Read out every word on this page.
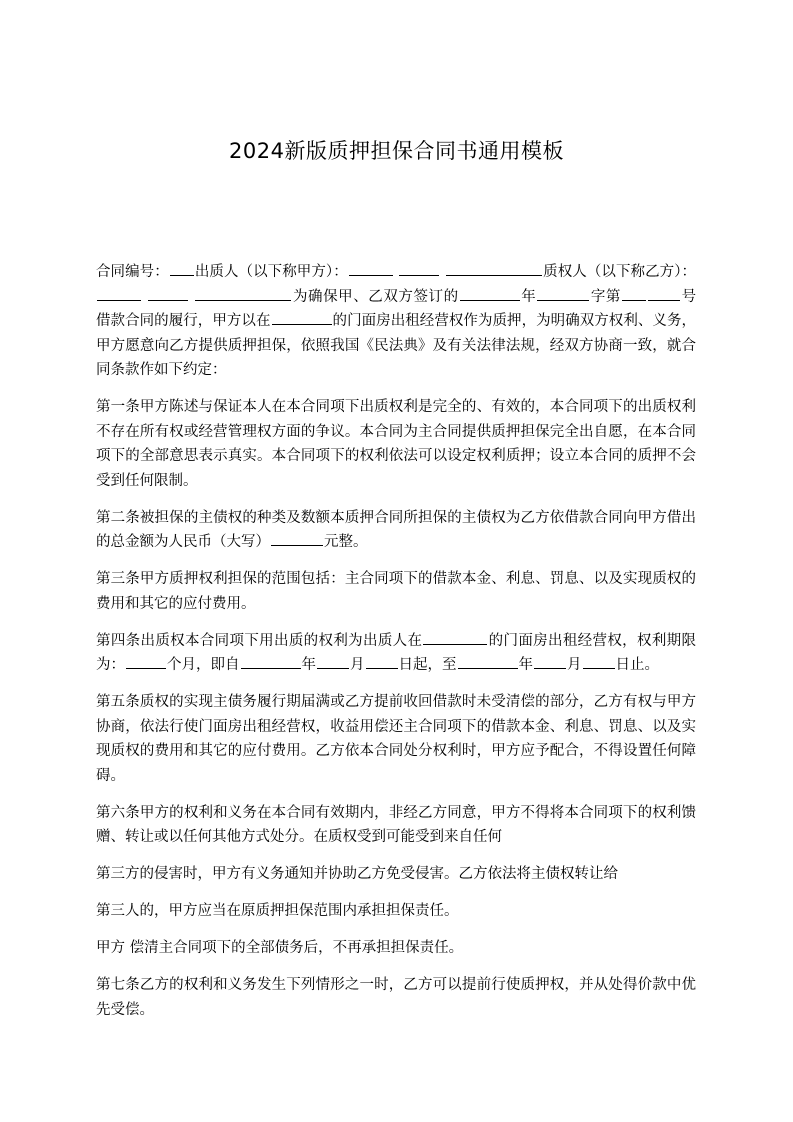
2024新版质押担保合同书通用模板

合同编号： 出质人（以下称甲方）：	质权人（以下称乙方）：  为确保甲、乙双方签订的	年	字第	号借款合同的履行，甲方以在	的门面房出租经营权作为质押，为明确双方权利、义务，甲方愿意向乙方提供质押担保，依照我国《民法典》及有关法律法规，经双方协商一致，就合同条款作如下约定：

第一条甲方陈述与保证本人在本合同项下出质权利是完全的、有效的，本合同项下的出质权利不存在所有权或经营管理权方面的争议。本合同为主合同提供质押担保完全出自愿，在本合同项下的全部意思表示真实。本合同项下的权利依法可以设定权利质押；设立本合同的质押不会受到任何限制。

第二条被担保的主债权的种类及数额本质押合同所担保的主债权为乙方依借款合同向甲方借出的总金额为人民币（大写）	元整。

第三条甲方质押权利担保的范围包括：主合同项下的借款本金、利息、罚息、以及实现质权的费用和其它的应付费用。

第四条出质权本合同项下用出质的权利为出质人在	的门面房出租经营权，权利期限为：	个月，即自	年 月 日起，至	年 月 日止。

第五条质权的实现主债务履行期届满或乙方提前收回借款时未受清偿的部分，乙方有权与甲方协商，依法行使门面房出租经营权，收益用偿还主合同项下的借款本金、利息、罚息、以及实现质权的费用和其它的应付费用。乙方依本合同处分权利时，甲方应予配合，不得设置任何障碍。

第六条甲方的权利和义务在本合同有效期内，非经乙方同意，甲方不得将本合同项下的权利馈赠、转让或以任何其他方式处分。在质权受到可能受到来自任何

第三方的侵害时，甲方有义务通知并协助乙方免受侵害。乙方依法将主债权转让给

第三人的，甲方应当在原质押担保范围内承担担保责任。

甲方 偿清主合同项下的全部债务后，不再承担担保责任。

第七条乙方的权利和义务发生下列情形之一时，乙方可以提前行使质押权，并从处得价款中优先受偿。
